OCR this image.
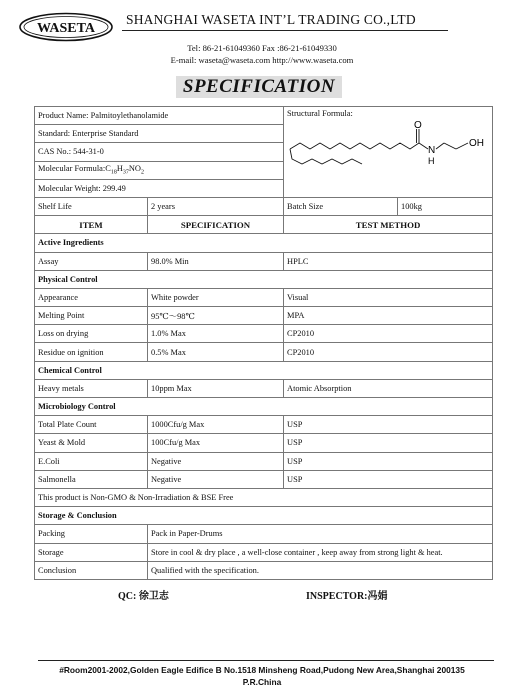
WASETA
SHANGHAI WASETA INT’L TRADING CO.,LTD
Tel: 86-21-61049360 Fax :86-21-61049330
E-mail: waseta@waseta.com http://www.waseta.com
SPECIFICATION
Product Name: Palmitoylethanolamide		Structural Formula:
O
N
H
OH	

Standard: Enterprise Standard			
CAS No.: 544-31-0			
Molecular $Formula:C_{18}H_{37}NO_2$
Molecular Weight: 299.49			
Shelf Life	2 years	Batch Size	100kg
ITEM	SPECIFICATION	TEST METHOD	
Active Ingredients			
Assay	98.0% Min	HPLC	
Physical Control			
Appearance	White powder	Visual	
Melting Point	95℃〜98℃	MPA	
Loss on drying	1.0% Max	CP2010	
Residue on ignition	0.5% Max	CP2010	
Chemical Control			
Heavy metals	10ppm Max	Atomic Absorption	
Microbiology Control			
Total Plate Count	1000Cfu/g Max	USP	
Yeast & Mold	100Cfu/g Max	USP	
E.Coli	Negative	USP	
Salmonella	Negative	USP	
This product is Non-GMO & Non-Irradiation & BSE Free			
Storage & Conclusion			
Packing	Pack in Paper-Drums		
Storage	Store in cool & dry place , a well-close container , keep away from strong light & heat.		
Conclusion	Qualified with the specification.		
QC: 徐卫志	INSPECTOR:冯娟
#Room2001-2002,Golden Eagle Edifice B No.1518 Minsheng Road,Pudong New Area,Shanghai 200135
P.R.China
